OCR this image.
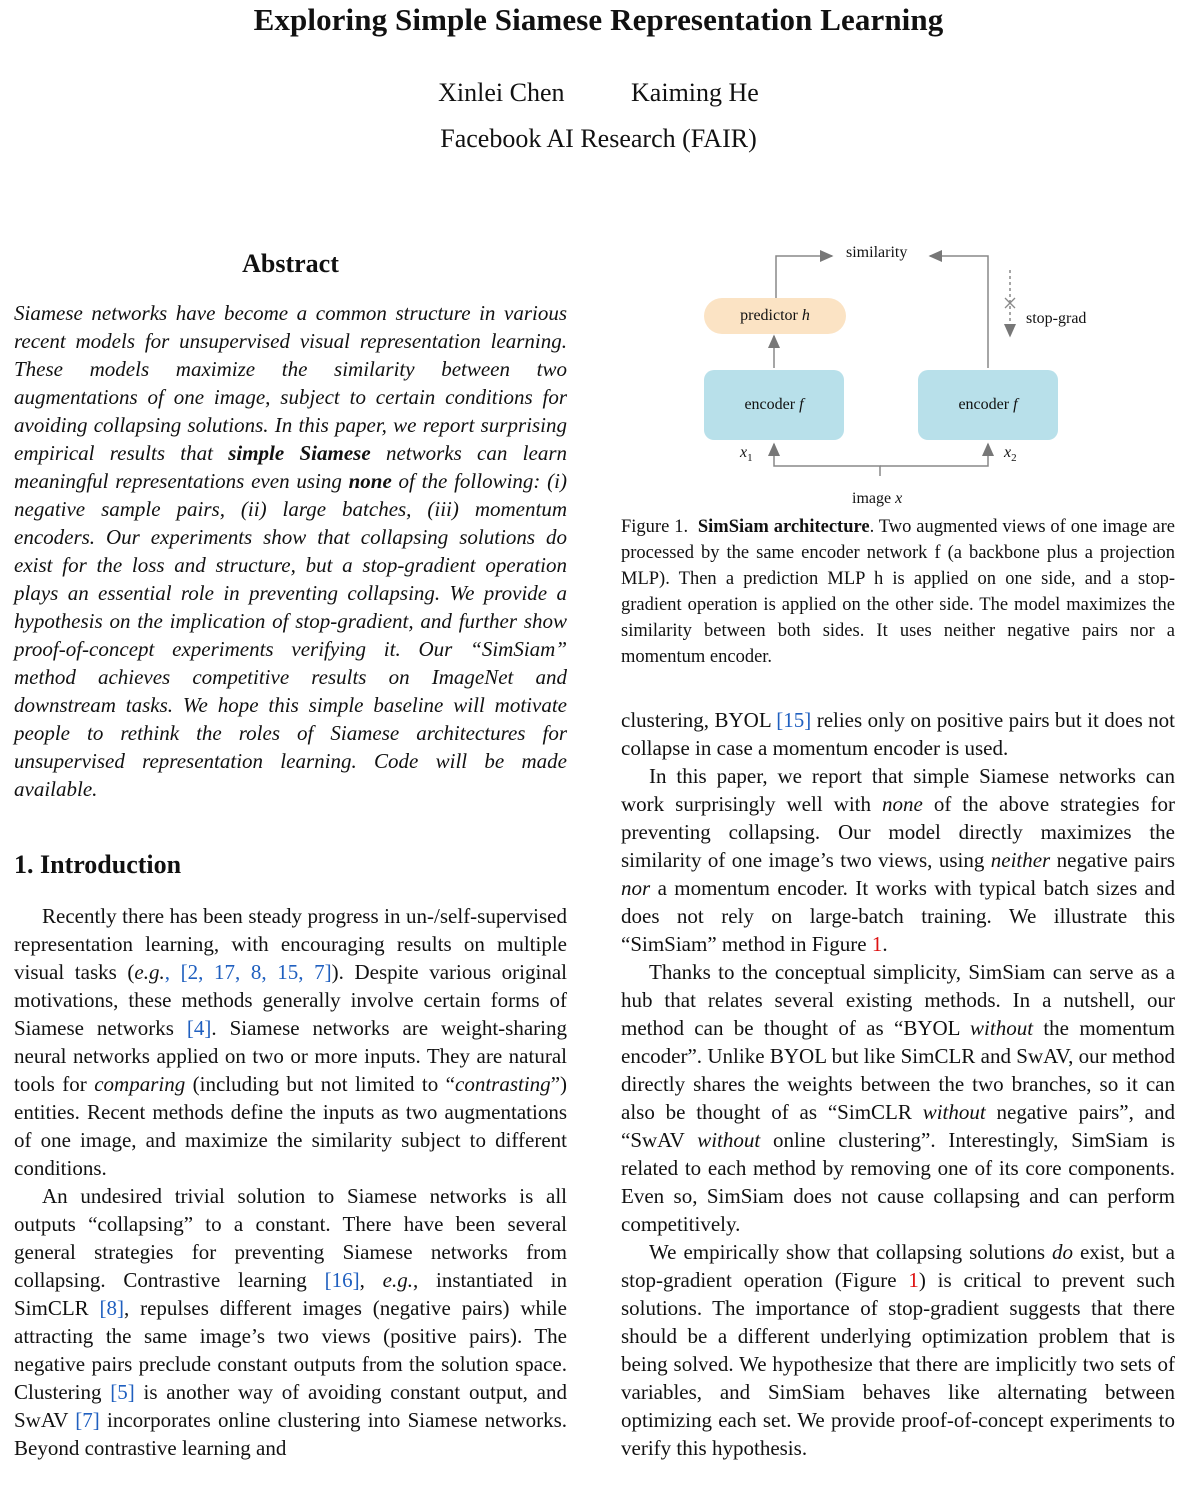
Exploring Simple Siamese Representation Learning
Xinlei Chen	Kaiming He
Facebook AI Research (FAIR)
Abstract

Siamese networks have become a common structure in various recent models for unsupervised visual representation learning. These models maximize the similarity between two augmentations of one image, subject to certain conditions for avoiding collapsing solutions. In this paper, we report surprising empirical results that simple Siamese networks can learn meaningful representations even using none of the following: (i) negative sample pairs, (ii) large batches, (iii) momentum encoders. Our experiments show that collapsing solutions do exist for the loss and structure, but a stop-gradient operation plays an essential role in preventing collapsing. We provide a hypothesis on the implication of stop-gradient, and further show proof-of-concept experiments verifying it. Our “SimSiam” method achieves competitive results on ImageNet and downstream tasks. We hope this simple baseline will motivate people to rethink the roles of Siamese architectures for unsupervised representation learning. Code will be made available.

1. Introduction

Recently there has been steady progress in un-/self-supervised representation learning, with encouraging results on multiple visual tasks (e.g., [2, 17, 8, 15, 7]). Despite various original motivations, these methods generally involve certain forms of Siamese networks [4]. Siamese networks are weight-sharing neural networks applied on two or more inputs. They are natural tools for comparing (including but not limited to “contrasting”) entities. Recent methods define the inputs as two augmentations of one image, and maximize the similarity subject to different conditions.

An undesired trivial solution to Siamese networks is all outputs “collapsing” to a constant. There have been several general strategies for preventing Siamese networks from collapsing. Contrastive learning [16], e.g., instantiated in SimCLR [8], repulses different images (negative pairs) while attracting the same image’s two views (positive pairs). The negative pairs preclude constant outputs from the solution space. Clustering [5] is another way of avoiding constant output, and SwAV [7] incorporates online clustering into Siamese networks. Beyond contrastive learning and

similarity
stop-grad
predictor
h
encoder
f	encoder
f
$x_1$	$x_2$
image x

Figure 1. SimSiam architecture. Two augmented views of one image are processed by the same encoder network f (a backbone plus a projection MLP). Then a prediction MLP h is applied on one side, and a stop-gradient operation is applied on the other side. The model maximizes the similarity between both sides. It uses neither negative pairs nor a momentum encoder.

clustering, BYOL [15] relies only on positive pairs but it does not collapse in case a momentum encoder is used.

In this paper, we report that simple Siamese networks can work surprisingly well with none of the above strategies for preventing collapsing. Our model directly maximizes the similarity of one image’s two views, using neither negative pairs nor a momentum encoder. It works with typical batch sizes and does not rely on large-batch training. We illustrate this “SimSiam” method in Figure 1.

Thanks to the conceptual simplicity, SimSiam can serve as a hub that relates several existing methods. In a nutshell, our method can be thought of as “BYOL without the momentum encoder”. Unlike BYOL but like SimCLR and SwAV, our method directly shares the weights between the two branches, so it can also be thought of as “SimCLR without negative pairs”, and “SwAV without online clustering”. Interestingly, SimSiam is related to each method by removing one of its core components. Even so, SimSiam does not cause collapsing and can perform competitively.

We empirically show that collapsing solutions do exist, but a stop-gradient operation (Figure 1) is critical to prevent such solutions. The importance of stop-gradient suggests that there should be a different underlying optimization problem that is being solved. We hypothesize that there are implicitly two sets of variables, and SimSiam behaves like alternating between optimizing each set. We provide proof-of-concept experiments to verify this hypothesis.
